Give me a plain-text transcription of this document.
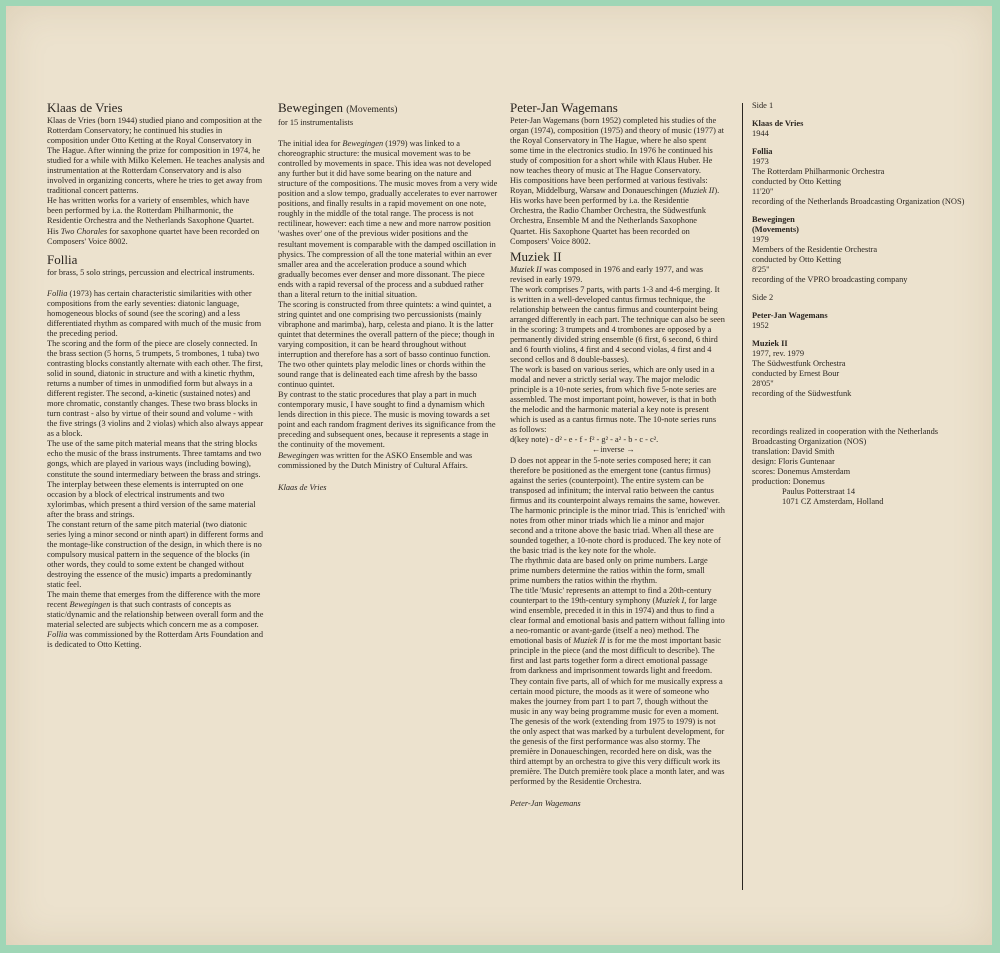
Klaas de Vries

Klaas de Vries (born 1944) studied piano and composition at the Rotterdam Conservatory; he continued his studies in composition under Otto Ketting at the Royal Conservatory in The Hague. After winning the prize for composition in 1974, he studied for a while with Milko Kelemen. He teaches analysis and instrumentation at the Rotterdam Conservatory and is also involved in organizing concerts, where he tries to get away from traditional concert patterns.

He has written works for a variety of ensembles, which have been performed by i.a. the Rotterdam Philharmonic, the Residentie Orchestra and the Netherlands Saxophone Quartet. His Two Chorales for saxophone quartet have been recorded on Composers' Voice 8002.

Follia

for brass, 5 solo strings, percussion and electrical instruments.

Follia (1973) has certain characteristic similarities with other compositions from the early seventies: diatonic language, homogeneous blocks of sound (see the scoring) and a less differentiated rhythm as compared with much of the music from the preceding period.

The scoring and the form of the piece are closely connected. In the brass section (5 horns, 5 trumpets, 5 trombones, 1 tuba) two contrasting blocks constantly alternate with each other. The first, solid in sound, diatonic in structure and with a kinetic rhythm, returns a number of times in unmodified form but always in a different register. The second, a-kinetic (sustained notes) and more chromatic, constantly changes. These two brass blocks in turn contrast - also by virtue of their sound and volume - with the five strings (3 violins and 2 violas) which also always appear as a block.

The use of the same pitch material means that the string blocks echo the music of the brass instruments. Three tamtams and two gongs, which are played in various ways (including bowing), constitute the sound intermediary between the brass and strings. The interplay between these elements is interrupted on one occasion by a block of electrical instruments and two xylorimbas, which present a third version of the same material after the brass and strings.

The constant return of the same pitch material (two diatonic series lying a minor second or ninth apart) in different forms and the montage-like construction of the design, in which there is no compulsory musical pattern in the sequence of the blocks (in other words, they could to some extent be changed without destroying the essence of the music) imparts a predominantly static feel.

The main theme that emerges from the difference with the more recent Bewegingen is that such contrasts of concepts as static/dynamic and the relationship between overall form and the material selected are subjects which concern me as a composer.

Follia was commissioned by the Rotterdam Arts Foundation and is dedicated to Otto Ketting.

Bewegingen (Movements)

for 15 instrumentalists

The initial idea for Bewegingen (1979) was linked to a choreographic structure: the musical movement was to be controlled by movements in space. This idea was not developed any further but it did have some bearing on the nature and structure of the compositions. The music moves from a very wide position and a slow tempo, gradually accelerates to ever narrower positions, and finally results in a rapid movement on one note, roughly in the middle of the total range. The process is not rectilinear, however: each time a new and more narrow position 'washes over' one of the previous wider positions and the resultant movement is comparable with the damped oscillation in physics. The compression of all the tone material within an ever smaller area and the acceleration produce a sound which gradually becomes ever denser and more dissonant. The piece ends with a rapid reversal of the process and a subdued rather than a literal return to the initial situation.

The scoring is constructed from three quintets: a wind quintet, a string quintet and one comprising two percussionists (mainly vibraphone and marimba), harp, celesta and piano. It is the latter quintet that determines the overall pattern of the piece; though in varying composition, it can be heard throughout without interruption and therefore has a sort of basso continuo function. The two other quintets play melodic lines or chords within the sound range that is delineated each time afresh by the basso continuo quintet.

By contrast to the static procedures that play a part in much contemporary music, I have sought to find a dynamism which lends direction in this piece. The music is moving towards a set point and each random fragment derives its significance from the preceding and subsequent ones, because it represents a stage in the continuity of the movement.

Bewegingen was written for the ASKO Ensemble and was commissioned by the Dutch Ministry of Cultural Affairs.

Klaas de Vries

Peter-Jan Wagemans

Peter-Jan Wagemans (born 1952) completed his studies of the organ (1974), composition (1975) and theory of music (1977) at the Royal Conservatory in The Hague, where he also spent some time in the electronics studio. In 1976 he continued his study of composition for a short while with Klaus Huber. He now teaches theory of music at The Hague Conservatory.

His compositions have been performed at various festivals: Royan, Middelburg, Warsaw and Donaueschingen (Muziek II). His works have been performed by i.a. the Residentie Orchestra, the Radio Chamber Orchestra, the Südwestfunk Orchestra, Ensemble M and the Netherlands Saxophone Quartet. His Saxophone Quartet has been recorded on Composers' Voice 8002.

Muziek II

Muziek II was composed in 1976 and early 1977, and was revised in early 1979.

The work comprises 7 parts, with parts 1-3 and 4-6 merging. It is written in a well-developed cantus firmus technique, the relationship between the cantus firmus and counterpoint being arranged differently in each part. The technique can also be seen in the scoring: 3 trumpets and 4 trombones are opposed by a permanently divided string ensemble (6 first, 6 second, 6 third and 6 fourth violins, 4 first and 4 second violas, 4 first and 4 second cellos and 8 double-basses).

The work is based on various series, which are only used in a modal and never a strictly serial way. The major melodic principle is a 10-note series, from which five 5-note series are assembled. The most important point, however, is that in both the melodic and the harmonic material a key note is present which is used as a cantus firmus note. The 10-note series runs as follows:

d(key note) - d² - e - f - f² - g² - a² - b - c - c².

←inverse →

D does not appear in the 5-note series composed here; it can therefore be positioned as the emergent tone (cantus firmus) against the series (counterpoint). The entire system can be transposed ad infinitum; the interval ratio between the cantus firmus and its counterpoint always remains the same, however.

The harmonic principle is the minor triad. This is 'enriched' with notes from other minor triads which lie a minor and major second and a tritone above the basic triad. When all these are sounded together, a 10-note chord is produced. The key note of the basic triad is the key note for the whole.

The rhythmic data are based only on prime numbers. Large prime numbers determine the ratios within the form, small prime numbers the ratios within the rhythm.

The title 'Music' represents an attempt to find a 20th-century counterpart to the 19th-century symphony (Muziek I, for large wind ensemble, preceded it in this in 1974) and thus to find a clear formal and emotional basis and pattern without falling into a neo-romantic or avant-garde (itself a neo) method. The emotional basis of Muziek II is for me the most important basic principle in the piece (and the most difficult to describe). The first and last parts together form a direct emotional passage from darkness and imprisonment towards light and freedom. They contain five parts, all of which for me musically express a certain mood picture, the moods as it were of someone who makes the journey from part 1 to part 7, though without the music in any way being programme music for even a moment.

The genesis of the work (extending from 1975 to 1979) is not the only aspect that was marked by a turbulent development, for the genesis of the first performance was also stormy. The première in Donaueschingen, recorded here on disk, was the third attempt by an orchestra to give this very difficult work its première. The Dutch première took place a month later, and was performed by the Residentie Orchestra.

Peter-Jan Wagemans

Side 1

Klaas de Vries

1944

Follia

1973

The Rotterdam Philharmonic Orchestra

conducted by Otto Ketting

11'20"

recording of the Netherlands Broadcasting Organization (NOS)

Bewegingen (Movements)

1979

Members of the Residentie Orchestra

conducted by Otto Ketting

8'25"

recording of the VPRO broadcasting company

Side 2

Peter-Jan Wagemans

1952

Muziek II

1977, rev. 1979

The Südwestfunk Orchestra

conducted by Ernest Bour

28'05"

recording of the Südwestfunk

recordings realized in cooperation with the Netherlands Broadcasting Organization (NOS)

translation: David Smith

design: Floris Guntenaar

scores: Donemus Amsterdam

production: Donemus

Paulus Potterstraat 14

1071 CZ Amsterdam, Holland
